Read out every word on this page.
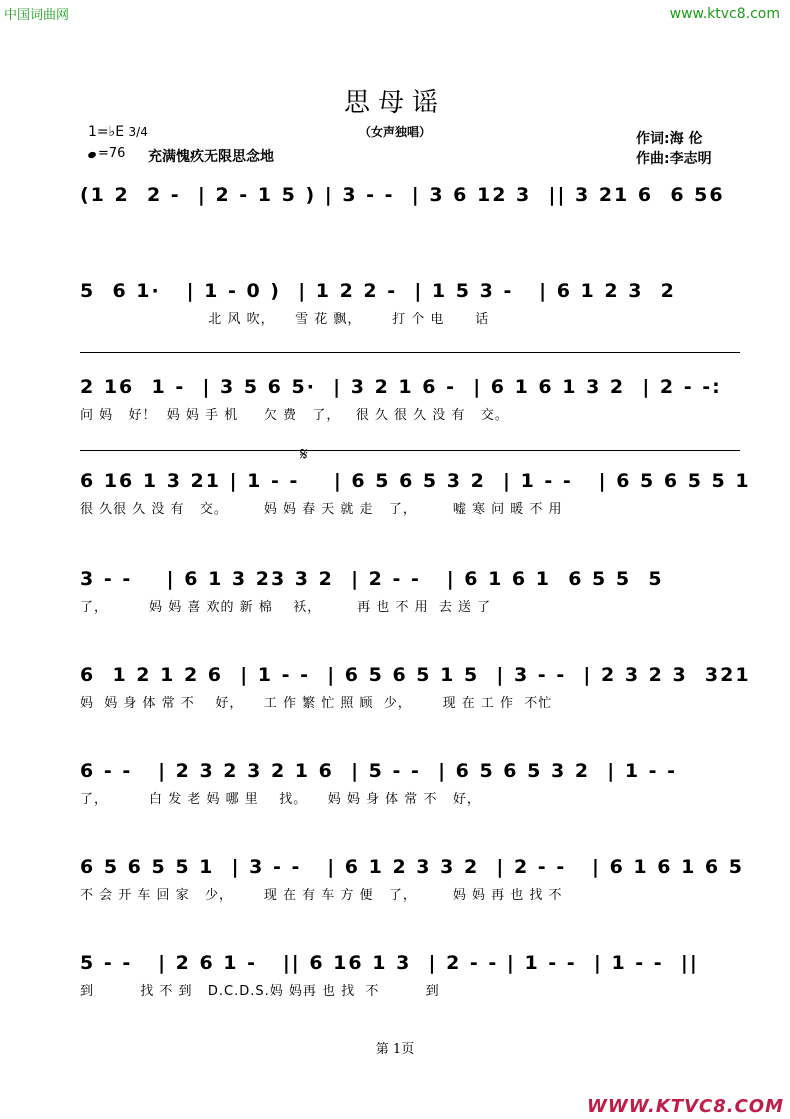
中国词曲网	www.ktvc8.com
思母谣
（女声独唱）
1=♭E 3/4
=76 充满愧疚无限思念地
作词:海 伦
作曲:李志明
(1 2  2 -  | 2 - 1 5 ) | 3 - -  | 3 6 12 3  || 3 21 6  6 56
5  6 1·   | 1 - 0 )  | 1 2 2 -  | 1 5 3 -   | 6 1 2 3  2
北 风 吹，    雪 花 飘，      打 个 电      话
2 16  1 -  | 3 5 6 5·  | 3 2 1 6 -  | 6 1 6 1 3 2  | 2 - -:
问 妈   好！  妈 妈 手 机     欠 费   了，   很 久 很 久 没 有   交。
𝄋
6 16 1 3 21 | 1 - -    | 6 5 6 5 3 2  | 1 - -   | 6 5 6 5 5 1
很 久很 久 没 有   交。       妈 妈 春 天 就 走   了，       嘘 寒 问 暖 不 用
3 - -    | 6 1 3 23 3 2  | 2 - -   | 6 1 6 1  6 5 5  5
了，        妈 妈 喜 欢的 新 棉    袄，       再 也 不 用  去 送 了
6  1 2 1 2 6  | 1 - -  | 6 5 6 5 1 5  | 3 - -  | 2 3 2 3  321
妈  妈 身 体 常 不    好，    工 作 繁 忙 照 顾  少，      现 在 工 作  不忙
6 - -   | 2 3 2 3 2 1 6  | 5 - -  | 6 5 6 5 3 2  | 1 - -
了，        白 发 老 妈 哪 里    找。    妈 妈 身 体 常 不   好，
6 5 6 5 5 1  | 3 - -   | 6 1 2 3 3 2  | 2 - -   | 6 1 6 1 6 5
不 会 开 车 回 家   少，      现 在 有 车 方 便   了，       妈 妈 再 也 找 不
5 - -   | 2 6 1 -   || 6 16 1 3  | 2 - - | 1 - -  | 1 - -  ||
到         找 不 到   D.C.D.S.妈 妈再 也 找  不         到
第 1页
WWW.KTVC8.COM
